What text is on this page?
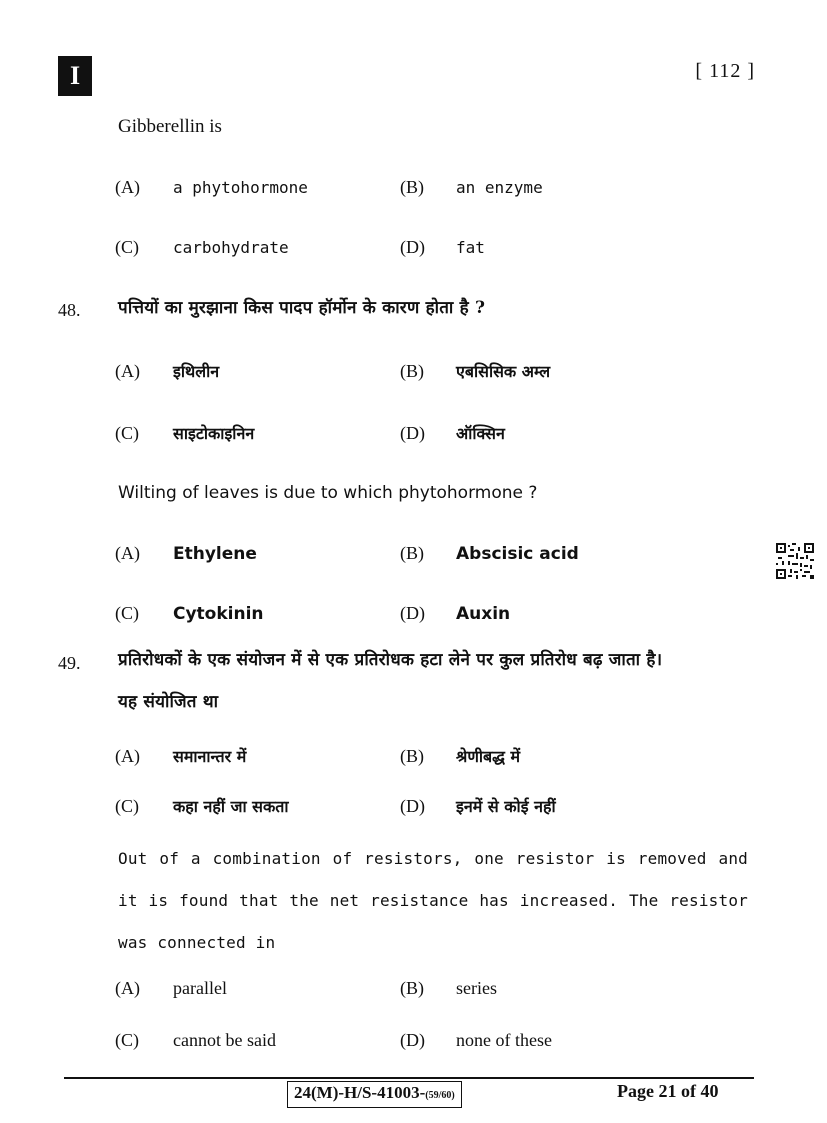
I	[ 112 ]
Gibberellin is
(A)	a phytohormone	(B)	an enzyme
(C)	carbohydrate	(D)	fat
48. पत्तियों का मुरझाना किस पादप हॉर्मोन के कारण होता है ?
(A)	इथिलीन	(B)	एबसिसिक अम्ल
(C)	साइटोकाइनिन	(D)	ऑक्सिन
Wilting of leaves is due to which phytohormone ?
(A)	Ethylene	(B)	Abscisic acid
(C)	Cytokinin	(D)	Auxin
49. प्रतिरोधकों के एक संयोजन में से एक प्रतिरोधक हटा लेने पर कुल प्रतिरोध बढ़ जाता है।
यह संयोजित था
(A)	समानान्तर में	(B)	श्रेणीबद्ध में
(C)	कहा नहीं जा सकता	(D)	इनमें से कोई नहीं
Out of a combination of resistors, one resistor is removed and it is found that the net resistance has increased. The resistor was connected in
(A)	parallel	(B)	series
(C)	cannot be said	(D)	none of these
24(M)-H/S-41003-(59/60)	Page 21 of 40
